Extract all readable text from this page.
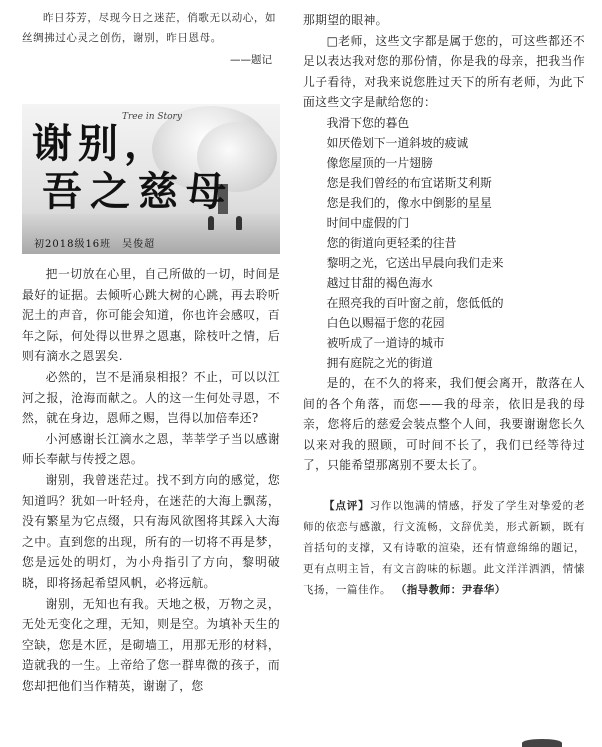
昨日芬芳，尽现今日之迷茫，俏歌无以动心，如丝绸拂过心灵之创伤，谢别，昨日恩母。

——题记
Tree in Story
谢别，
吾之慈母
初2018级16班　吴俊超

把一切放在心里，自己所做的一切，时间是最好的证据。去倾听心跳大树的心跳，再去聆听泥土的声音，你可能会知道，你也许会感叹，百年之际，何处得以世界之恩惠，除枝叶之情，后则有滴水之恩罢矣.

必然的，岂不是涌泉相报？不止，可以以江河之报，沧海而献之。人的这一生何处寻恩，不然，就在身边，恩师之赐，岂得以加倍奉还?

小河感谢长江滴水之恩，莘莘学子当以感谢师长奉献与传授之恩。

谢别，我曾迷茫过。找不到方向的感觉，您知道吗？犹如一叶轻舟，在迷茫的大海上飘荡，没有繁星为它点缀，只有海风欲图将其踩入大海之中。直到您的出现，所有的一切将不再是梦，您是远处的明灯，为小舟指引了方向，黎明破晓，即将扬起希望风帆，必将远航。

谢别，无知也有我。天地之极，万物之灵，无处无变化之理，无知，则是空。为填补天生的空缺，您是木匠，是砌墙工，用那无形的材料，造就我的一生。上帝给了您一群卑微的孩子，而您却把他们当作精英，谢谢了，您

那期望的眼神。

□老师，这些文字都是属于您的，可这些都还不足以表达我对您的那份情，你是我的母亲，把我当作儿子看待，对我来说您胜过天下的所有老师，为此下面这些文字是献给您的：

我滑下您的暮色
如厌倦划下一道斜坡的疲诚
像您屋顶的一片翅膀
您是我们曾经的布宜诺斯艾利斯
您是我们的，像水中倒影的星星
时间中虚假的门
您的街道向更轻柔的往昔
黎明之光，它送出早晨向我们走来
越过甘甜的褐色海水
在照亮我的百叶窗之前，您低低的
白色以赐福于您的花园
被听成了一道诗的城市
拥有庭院之光的街道

是的，在不久的将来，我们便会离开，散落在人间的各个角落，而您——我的母亲，依旧是我的母亲，您将后的慈爱会装点整个人间，我要谢谢您长久以来对我的照顾，可时间不长了，我们已经等待过了，只能希望那离别不要太长了。

【点评】习作以饱满的情感，抒发了学生对挚爱的老师的依恋与感激，行文流畅，文辞优美，形式新颖，既有首括句的支撑，又有诗歌的渲染，还有情意绵绵的题记，更有点明主旨，有文言韵味的标题。此文洋洋洒洒，情愫飞扬，一篇佳作。 （指导教师：尹春华）
